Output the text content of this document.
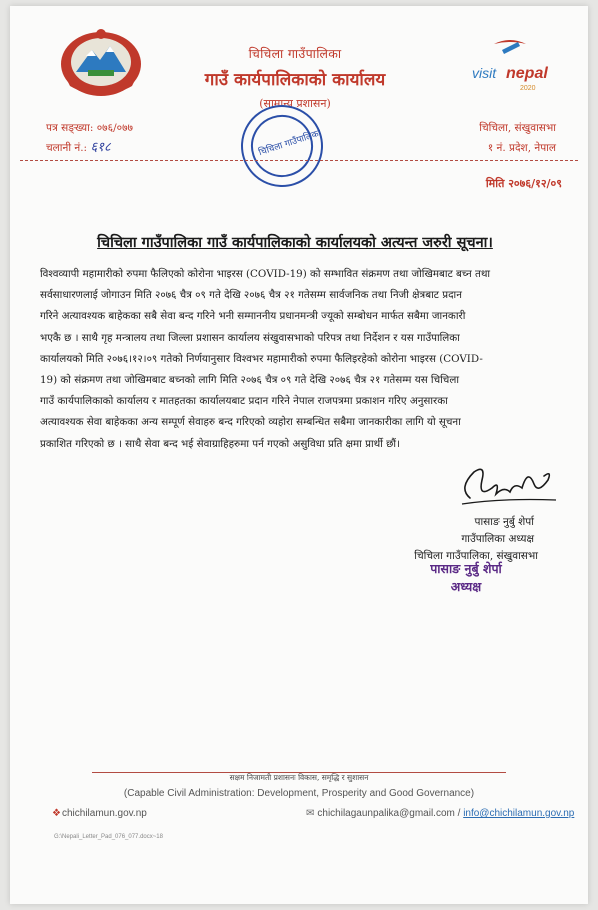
चिचिला गाउँपालिका
गाउँ कार्यपालिकाको कार्यालय
(सामान्य प्रशासन)
visit nepal
2020
पत्र सङ्ख्या: ०७६/०७७
चलानी नं.: ६१८	चिचिला गाउँपालिका
चिचिला, संखुवासभा
१ नं. प्रदेश, नेपाल
मिति २०७६/१२/०९
चिचिला गाउँपालिका गाउँ कार्यपालिकाको कार्यालयको अत्यन्त जरुरी सूचना।
विश्वव्यापी महामारीको रुपमा फैलिएको कोरोना भाइरस (COVID-19) को सम्भावित संक्रमण तथा जोखिमबाट बच्न तथा
सर्वसाधारणलाई जोगाउन मिति २०७६ चैत्र ०९ गते देखि २०७६ चैत्र २१ गतेसम्म सार्वजनिक तथा निजी क्षेत्रबाट प्रदान
गरिने अत्यावश्यक बाहेकका सबै सेवा बन्द गरिने भनी सम्माननीय प्रधानमन्त्री ज्यूको सम्बोधन मार्फत सबैमा जानकारी
भएकै छ । साथै गृह मन्त्रालय तथा जिल्ला प्रशासन कार्यालय संखुवासभाको परिपत्र तथा निर्देशन र यस गाउँपालिका
कार्यालयको मिति २०७६।१२।०९ गतेको निर्णयानुसार विश्वभर महामारीको रुपमा फैलिइरहेको कोरोना भाइरस (COVID-
19) को संक्रमण तथा जोखिमबाट बच्नको लागि मिति २०७६ चैत्र ०९ गते देखि २०७६ चैत्र २१ गतेसम्म यस चिचिला
गाउँ कार्यपालिकाको कार्यालय र मातहतका कार्यालयबाट प्रदान गरिने नेपाल राजपत्रमा प्रकाशन गरिए अनुसारका
अत्यावश्यक सेवा बाहेकका अन्य सम्पूर्ण सेवाहरु बन्द गरिएको व्यहोरा सम्बन्धित सबैमा जानकारीका लागि यो सूचना
प्रकाशित गरिएको छ । साथै सेवा बन्द भई सेवाग्राहिहरुमा पर्न गएको असुविधा प्रति क्षमा प्रार्थी छौं।
पासाङ नुर्बु शेर्पा
गाउँपालिका अध्यक्ष
चिचिला गाउँपालिका, संखुवासभा
पासाङ नुर्बु शेर्पा
अध्यक्ष
सक्षम निजामती प्रशासनः विकास, समृद्धि र सुशासन
(Capable Civil Administration: Development, Prosperity and Good Governance)
❖chichilamun.gov.np	✉ chichilagaunpalika@gmail.com / info@chichilamun.gov.np
G:\Nepali_Letter_Pad_076_077.docx~18
